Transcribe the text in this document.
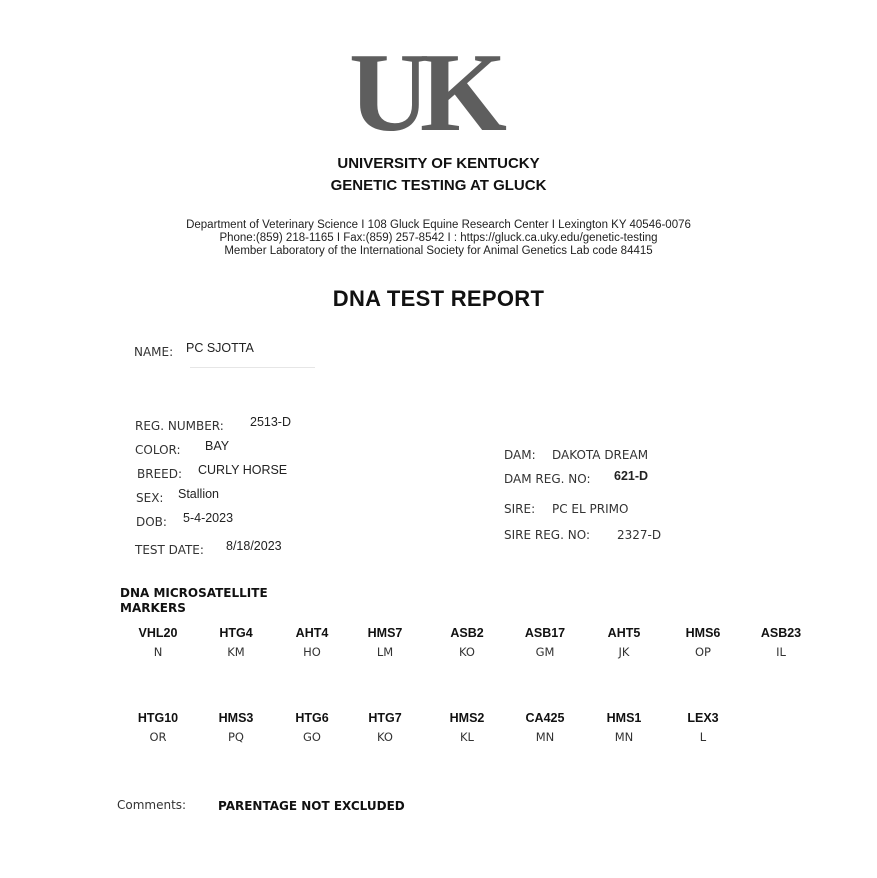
UK
UNIVERSITY OF KENTUCKY
GENETIC TESTING AT GLUCK
Department of Veterinary Science I 108 Gluck Equine Research Center I Lexington KY 40546-0076
Phone:(859) 218-1165 I Fax:(859) 257-8542 I : https://gluck.ca.uky.edu/genetic-testing
Member Laboratory of the International Society for Animal Genetics Lab code 84415
DNA TEST REPORT
NAME: PC SJOTTA
REG. NUMBER: 2513-D
COLOR: BAY
BREED: CURLY HORSE
SEX: Stallion
DOB: 5-4-2023
TEST DATE: 8/18/2023
DAM: DAKOTA DREAM
DAM REG. NO: 621-D
SIRE: PC EL PRIMO
SIRE REG. NO: 2327-D
DNA MICROSATELLITE
MARKERS
VHL20
N
HTG4
KM
AHT4
HO
HMS7
LM
ASB2
KO
ASB17
GM
AHT5
JK
HMS6
OP
ASB23
IL
HTG10
OR
HMS3
PQ
HTG6
GO
HTG7
KO
HMS2
KL
CA425
MN
HMS1
MN
LEX3
L
Comments:	PARENTAGE NOT EXCLUDED
